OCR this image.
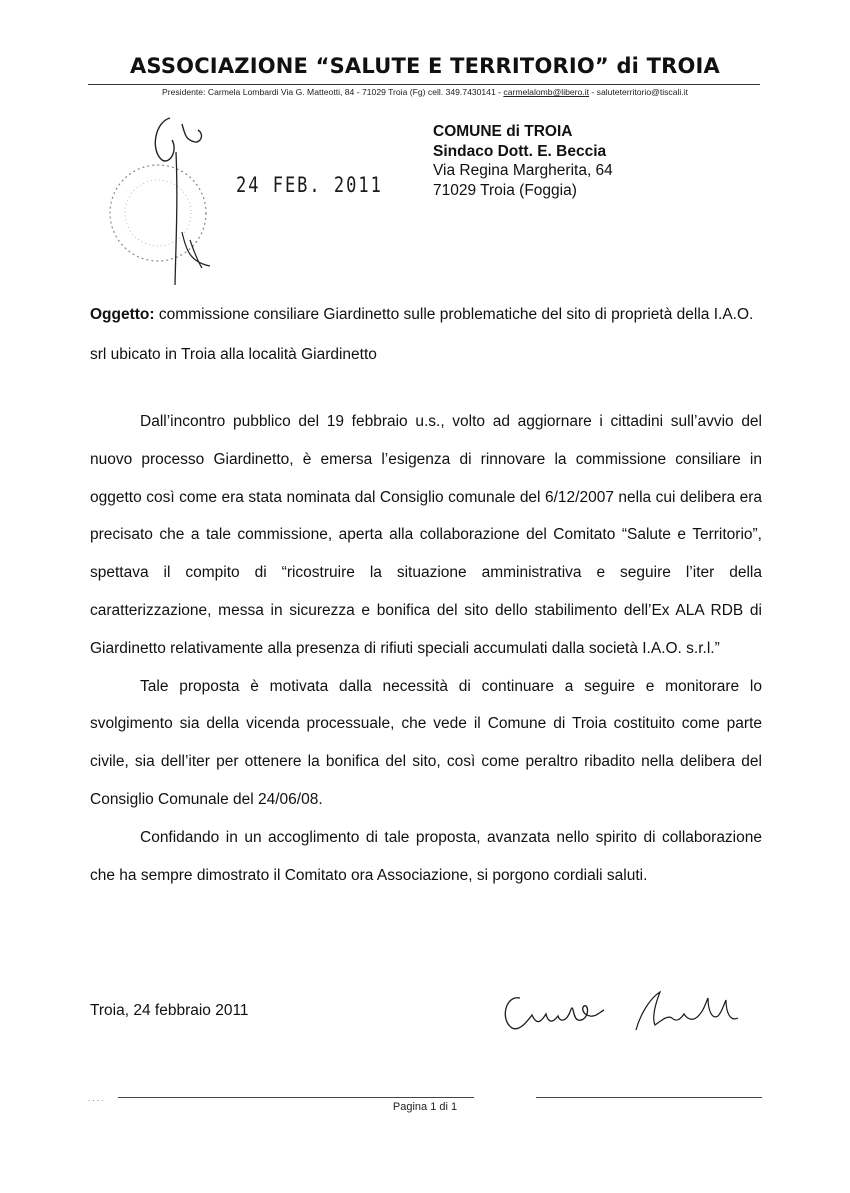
ASSOCIAZIONE “SALUTE E TERRITORIO” di TROIA
Presidente: Carmela Lombardi Via G. Matteotti, 84 - 71029 Troia (Fg) cell. 349.7430141 - carmelalomb@libero.it - saluteterritorio@tiscali.it
24 FEB. 2011
COMUNE di TROIA
Sindaco Dott. E. Beccia
Via Regina Margherita, 64
71029 Troia (Foggia)
Oggetto: commissione consiliare Giardinetto sulle problematiche del sito di proprietà della I.A.O. srl ubicato in Troia alla località Giardinetto

Dall’incontro pubblico del 19 febbraio u.s., volto ad aggiornare i cittadini sull’avvio del nuovo processo Giardinetto, è emersa l’esigenza di rinnovare la commissione consiliare in oggetto così come era stata nominata dal Consiglio comunale del 6/12/2007 nella cui delibera era precisato che a tale commissione, aperta alla collaborazione del Comitato “Salute e Territorio”, spettava il compito di “ricostruire la situazione amministrativa e seguire l’iter della caratterizzazione, messa in sicurezza e bonifica del sito dello stabilimento dell’Ex ALA RDB di Giardinetto relativamente alla presenza di rifiuti speciali accumulati dalla società I.A.O. s.r.l.”

Tale proposta è motivata dalla necessità di continuare a seguire e monitorare lo svolgimento sia della vicenda processuale, che vede il Comune di Troia costituito come parte civile, sia dell’iter per ottenere la bonifica del sito, così come peraltro ribadito nella delibera del Consiglio Comunale del 24/06/08.

Confidando in un accoglimento di tale proposta, avanzata nello spirito di collaborazione che ha sempre dimostrato il Comitato ora Associazione, si porgono cordiali saluti.

Troia, 24 febbraio 2011
. . . .
Pagina 1 di 1
